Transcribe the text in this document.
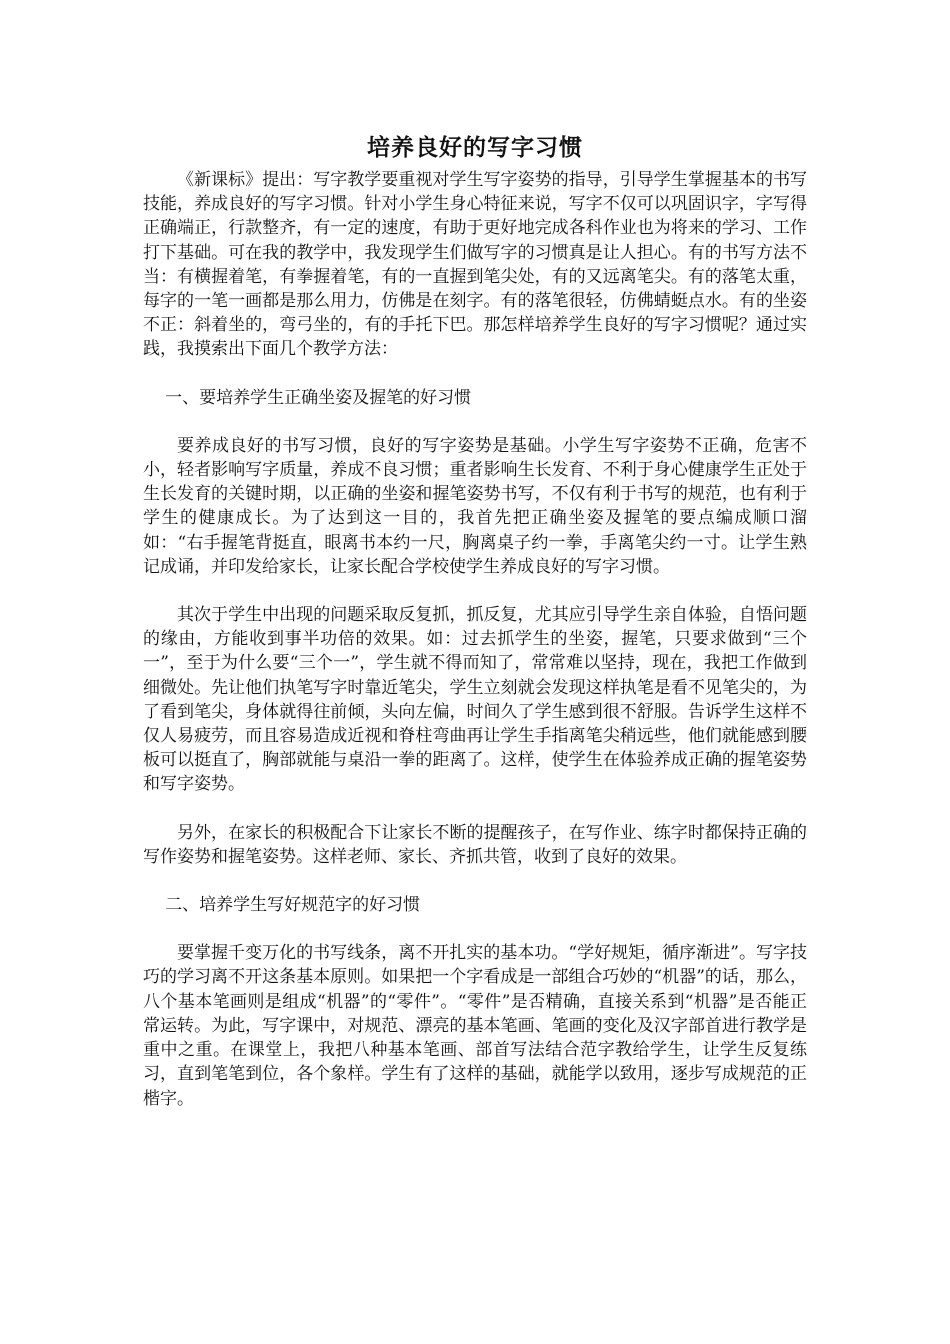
培养良好的写字习惯

《新课标》提出：写字教学要重视对学生写字姿势的指导，引导学生掌握基本的书写技能，养成良好的写字习惯。针对小学生身心特征来说，写字不仅可以巩固识字，字写得正确端正，行款整齐，有一定的速度，有助于更好地完成各科作业也为将来的学习、工作打下基础。可在我的教学中，我发现学生们做写字的习惯真是让人担心。有的书写方法不当：有横握着笔，有拳握着笔，有的一直握到笔尖处，有的又远离笔尖。有的落笔太重，每字的一笔一画都是那么用力，仿佛是在刻字。有的落笔很轻，仿佛蜻蜓点水。有的坐姿不正：斜着坐的，弯弓坐的，有的手托下巴。那怎样培养学生良好的写字习惯呢？通过实践，我摸索出下面几个教学方法：

一、要培养学生正确坐姿及握笔的好习惯

要养成良好的书写习惯，良好的写字姿势是基础。小学生写字姿势不正确，危害不小，轻者影响写字质量，养成不良习惯；重者影响生长发育、不利于身心健康学生正处于生长发育的关键时期，以正确的坐姿和握笔姿势书写，不仅有利于书写的规范，也有利于学生的健康成长。为了达到这一目的，我首先把正确坐姿及握笔的要点编成顺口溜如：“右手握笔背挺直，眼离书本约一尺，胸离桌子约一拳，手离笔尖约一寸。让学生熟记成诵，并印发给家长，让家长配合学校使学生养成良好的写字习惯。

其次于学生中出现的问题采取反复抓，抓反复，尤其应引导学生亲自体验，自悟问题的缘由，方能收到事半功倍的效果。如：过去抓学生的坐姿，握笔，只要求做到“三个一”，至于为什么要“三个一”，学生就不得而知了，常常难以坚持，现在，我把工作做到细微处。先让他们执笔写字时靠近笔尖，学生立刻就会发现这样执笔是看不见笔尖的，为了看到笔尖，身体就得往前倾，头向左偏，时间久了学生感到很不舒服。告诉学生这样不仅人易疲劳，而且容易造成近视和脊柱弯曲再让学生手指离笔尖稍远些，他们就能感到腰板可以挺直了，胸部就能与桌沿一拳的距离了。这样，使学生在体验养成正确的握笔姿势和写字姿势。

另外，在家长的积极配合下让家长不断的提醒孩子，在写作业、练字时都保持正确的写作姿势和握笔姿势。这样老师、家长、齐抓共管，收到了良好的效果。

二、培养学生写好规范字的好习惯

要掌握千变万化的书写线条，离不开扎实的基本功。“学好规矩，循序渐进”。写字技巧的学习离不开这条基本原则。如果把一个字看成是一部组合巧妙的“机器”的话，那么，八个基本笔画则是组成“机器”的“零件”。“零件”是否精确，直接关系到“机器”是否能正常运转。为此，写字课中，对规范、漂亮的基本笔画、笔画的变化及汉字部首进行教学是重中之重。在课堂上，我把八种基本笔画、部首写法结合范字教给学生，让学生反复练习，直到笔笔到位，各个象样。学生有了这样的基础，就能学以致用，逐步写成规范的正楷字。
